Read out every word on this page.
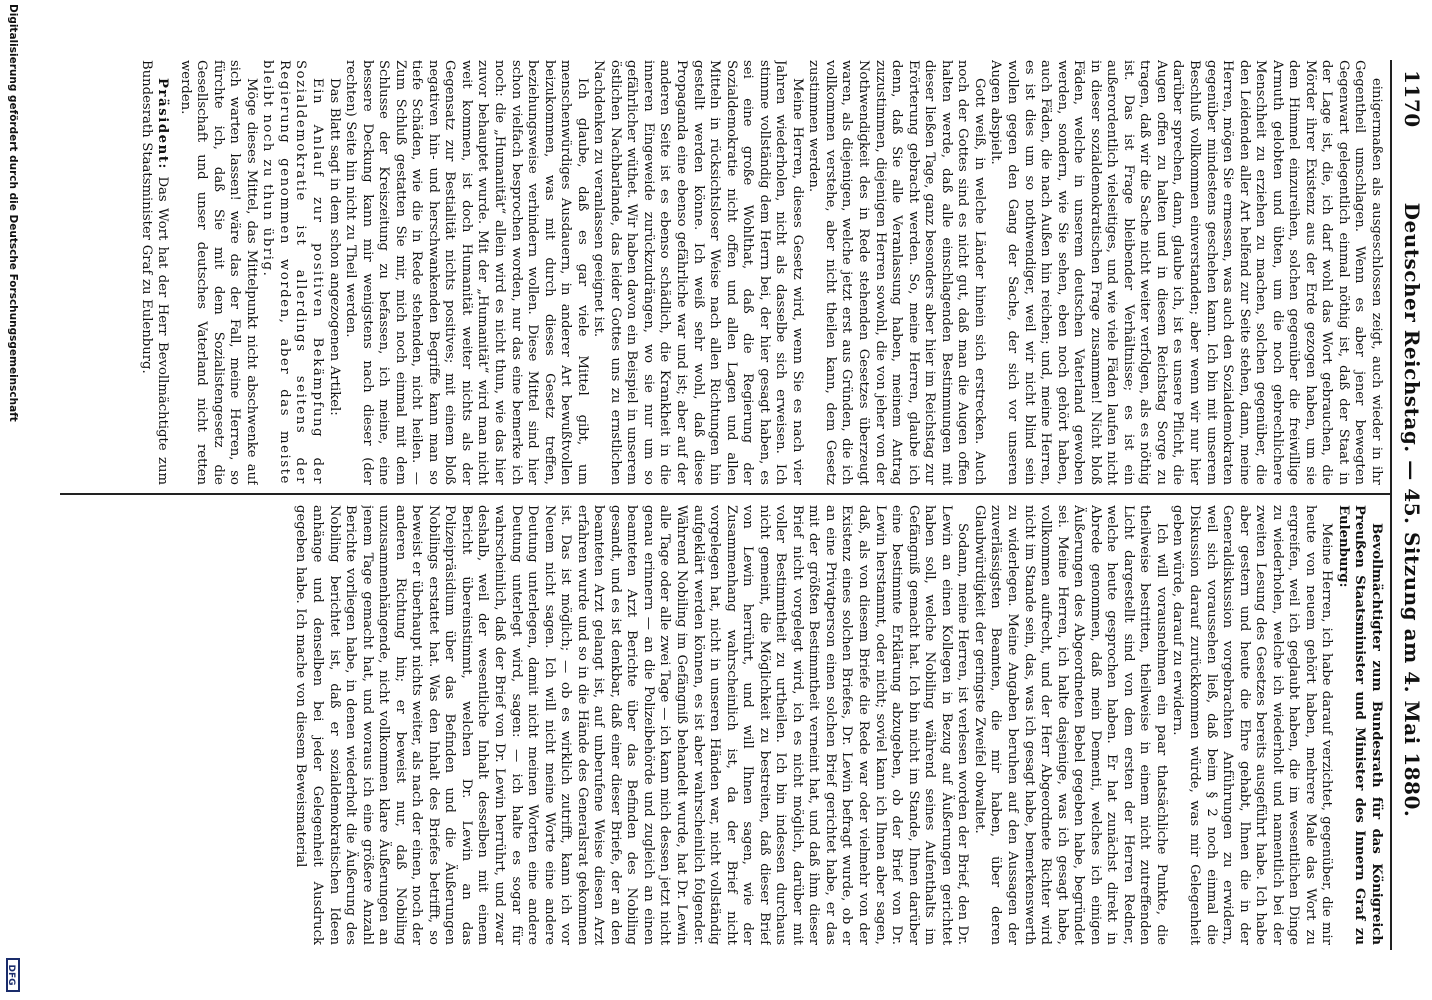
1170
Deutscher Reichstag. — 45. Sitzung am 4. Mai 1880.

einigermaßen als ausgeschlossen zeigt, auch wieder in ihr Gegentheil umschlagen. Wenn es aber jener bewegten Gegenwart gelegentlich einmal nöthig ist, daß der Staat in der Lage ist, die, ich darf wohl das Wort gebrauchen, die Mörder ihrer Existenz aus der Erde gezogen haben, um sie dem Himmel einzureihen, solchen gegenüber die freiwillige Armuth gelobten und übten, um die noch gebrechlichere Menschheit zu erziehen zu machen, solchen gegenüber, die den Leidenden aller Art helfend zur Seite stehen, dann, meine Herren, mögen Sie ermessen, was auch den Sozialdemokraten gegenüber mindestens geschehen kann. Ich bin mit unserem Beschluß vollkommen einverstanden; aber wenn wir nur hier darüber sprechen, dann, glaube ich, ist es unsere Pflicht, die Augen offen zu halten und in diesem Reichstag Sorge zu tragen, daß wir die Sache nicht weiter verfolgen, als es nöthig ist. Das ist Frage bleibender Verhältnisse; es ist ein außerordentlich vielseitiges, und wie viele Fäden laufen nicht in dieser sozialdemokratischen Frage zusammen! Nicht bloß Fäden, welche in unserem deutschen Vaterland gewoben werden, sondern, wie Sie sehen, eben noch gehört haben, auch Fäden, die nach Außen hin reichen; und, meine Herren, es ist dies um so nothwendiger, weil wir nicht blind sein wollen gegen den Gang der Sache, der sich vor unseren Augen abspielt.

Gott weiß, in welche Länder hinein sich erstrecken. Auch noch der Gottes sind es nicht gut, daß man die Augen offen halten werde, daß alle einschlagenden Bestimmungen mit dieser ließen Tage, ganz besonders aber hier im Reichstag zur Erörterung gebracht werden. So, meine Herren, glaube ich denn, daß Sie alle Veranlassung haben, meinem Antrag zuzustimmen, diejenigen Herren sowohl, die von jeher von der Nothwendigkeit des in Rede stehenden Gesetzes überzeugt waren, als diejenigen, welche jetzt erst aus Gründen, die ich vollkommen verstehe, aber nicht theilen kann, dem Gesetz zustimmen werden.

Meine Herren, dieses Gesetz wird, wenn Sie es nach vier Jahren wiederholen, nicht als dasselbe sich erweisen. Ich stimme vollständig dem Herrn bei, der hier gesagt haben, es sei eine große Wohlthat, daß die Regierung der Sozialdemokratie nicht offen und allen Lagen und allen Mitteln in rücksichtsloser Weise nach allen Richtungen hin gestellt werden könne. Ich weiß sehr wohl, daß diese Propaganda eine ebenso gefährliche war und ist; aber auf der anderen Seite ist es ebenso schädlich, die Krankheit in die inneren Eingeweide zurückzudrängen, wo sie nur um so gefährlicher wüthet. Wir haben davon ein Beispiel in unserem östlichen Nachbarlande, das leider Gottes uns zu ernstlichen Nachdenken zu veranlassen geeignet ist.

Ich glaube, daß es gar viele Mittel gibt, um menschenwürdiges Ausdauern, in anderer Art bewußtvollen beizukommen, was mit durch dieses Gesetz treffen, beziehungsweise verhindern wollen. Diese Mittel sind hier schon vielfach besprochen worden, nur das eine bemerke ich noch: die „Humanität“ allein wird es nicht thun, wie das hier zuvor behauptet wurde. Mit der „Humanität“ wird man nicht weit kommen, ist doch Humanität weiter nichts als der Gegensatz zur Bestialität nichts positives; mit einem bloß negativen hin- und herschwankenden Begriffe kann man so tiefe Schäden, wie die in Rede stehenden, nicht heilen. — Zum Schluß gestatten Sie mir, mich noch einmal mit dem Schlusse der Kreiszeitung zu befassen, ich meine, eine bessere Deckung kann mir wenigstens nach dieser (der rechten) Seite hin nicht zu Theil werden.

Das Blatt sagt in dem schon angezogenen Artikel:

Ein Anlauf zur positiven Bekämpfung der Sozialdemokratie ist allerdings seitens der Regierung genommen worden, aber das meiste bleibt noch zu thun übrig.

Möge dieses Mittel, das Mittelpunkt nicht abschwenke auf sich warten lassen! wäre das der Fall, meine Herren, so fürchte ich, daß Sie mit dem Sozialistengesetz die Gesellschaft und unser deutsches Vaterland nicht retten werden.

Präsident: Das Wort hat der Herr Bevollmächtigte zum Bundesrath Staatsminister Graf zu Eulenburg.

Bevollmächtigter zum Bundesrath für das Königreich Preußen Staatsminister und Minister des Innern Graf zu Eulenburg:

Meine Herren, ich habe darauf verzichtet, gegenüber, die mir heute von neuem gehört haben, mehrere Male das Wort zu ergreifen, weil ich geglaubt haben, die im wesentlichen Dinge zu wiederholen, welche ich wiederholt und namentlich bei der zweiten Lesung des Gesetzes bereits ausgeführt habe. Ich habe aber gestern und heute die Ehre gehabt, Ihnen die in der Generaldiskussion vorgebrachten Anführungen zu erwidern, weil sich voraussehen ließ, daß beim § 2 noch einmal die Diskussion darauf zurückkommen würde, was mir Gelegenheit geben würde, darauf zu erwidern.

Ich will vorausnehmen ein paar thatsächliche Punkte, die theilweise bestritten, theilweise in einem nicht zutreffenden Licht dargestellt sind von dem ersten der Herren Redner, welche heute gesprochen haben. Er hat zunächst direkt in Abrede genommen, daß mein Dementi, welches ich einigen Äußerungen des Abgeordneten Bebel gegeben habe, begründet sei. Meine Herren, ich halte dasjenige, was ich gesagt habe, vollkommen aufrecht, und der Herr Abgeordnete Richter wird nicht im Stande sein, das, was ich gesagt habe, bemerkenswerth zu widerlegen. Meine Angaben beruhen auf den Aussagen der zuverlässigsten Beamten, die mir haben, über deren Glaubwürdigkeit der geringste Zweifel obwaltet.

Sodann, meine Herren, ist verlesen worden der Brief, den Dr. Lewin an einen Kollegen in Bezug auf Äußerungen gerichtet haben soll, welche Nobiling während seines Aufenthalts im Gefängniß gemacht hat. Ich bin nicht im Stande, Ihnen darüber eine bestimmte Erklärung abzugeben, ob der Brief von Dr. Lewin herstammt, oder nicht; soviel kann ich Ihnen aber sagen, daß, als von diesem Briefe die Rede war oder vielmehr von der Existenz eines solchen Briefes, Dr. Lewin befragt wurde, ob er an eine Privatperson einen solchen Brief gerichtet habe, er das mit der größten Bestimmtheit verneint hat, und daß ihm dieser Brief nicht vorgelegt wird, ich es nicht möglich, darüber mit voller Bestimmtheit zu urtheilen. Ich bin indessen durchaus nicht gemeint, die Möglichkeit zu bestreiten, daß dieser Brief von Lewin herrührt, und will Ihnen sagen, wie der Zusammenhang wahrscheinlich ist, da der Brief nicht vorgelegen hat, nicht in unseren Händen war, nicht vollständig aufgeklärt werden können, es ist aber wahrscheinlich folgender. Während Nobiling im Gefängniß behandelt wurde, hat Dr. Lewin alle Tage oder alle zwei Tage — ich kann mich dessen jetzt nicht genau erinnern — an die Polizeibehörde und zugleich an einen beamteten Arzt Berichte über das Befinden des Nobiling gesandt, und es ist denkbar, daß einer dieser Briefe, der an den beamteten Arzt gelangt ist, auf unberufene Weise diesen Arzt erfahren wurde und so in die Hände des Generalsrat gekommen ist. Das ist möglich; — ob es wirklich zutrifft, kann ich vor Neuem nicht sagen. Ich will nicht meine Worte eine andere Deutung unterlegen, damit nicht meinen Worten eine andere Deutung unterlegt wird, sagen: — ich halte es sogar für wahrscheinlich, daß der Brief von Dr. Lewin herrührt, und zwar deshalb, weil der wesentliche Inhalt desselben mit einem Bericht übereinstimmt, welchen Dr. Lewin an das Polizeipräsidium über das Befinden und die Äußerungen Nobilings erstattet hat. Was den Inhalt des Briefes betrifft, so beweist er überhaupt nichts weiter, als nach der einen, noch der anderen Richtung hin; er beweist nur, daß Nobiling unzusammenhängende, nicht vollkommen klare Äußerungen an jenem Tage gemacht hat, und woraus ich eine größere Anzahl Berichte vorliegen habe, in denen wiederholt die Äußerung des Nobiling berichtet ist, daß er sozialdemokratischen Ideen anhänge und denselben bei jeder Gelegenheit Ausdruck gegeben habe. Ich mache von diesem Beweismaterial

Digitalisierung gefördert durch die Deutsche Forschungsgemeinschaft
DFG
